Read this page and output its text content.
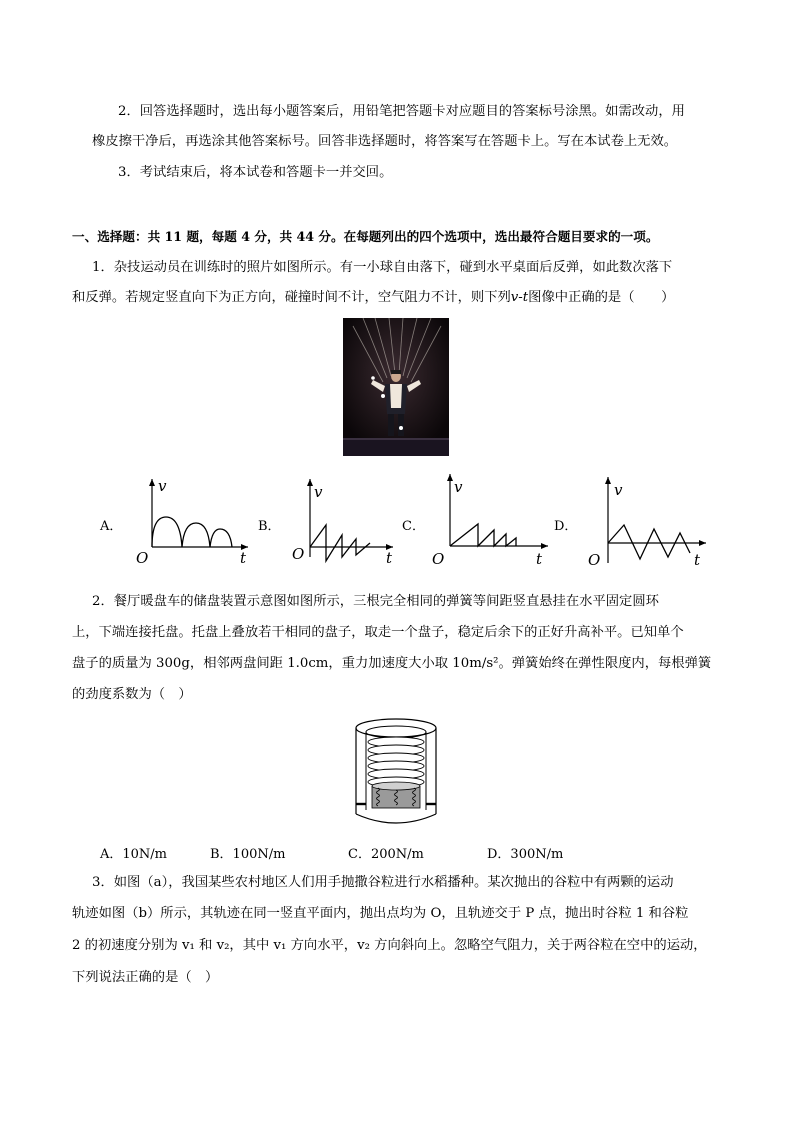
2．回答选择题时，选出每小题答案后，用铅笔把答题卡对应题目的答案标号涂黑。如需改动，用
橡皮擦干净后，再选涂其他答案标号。回答非选择题时，将答案写在答题卡上。写在本试卷上无效。
3．考试结束后，将本试卷和答题卡一并交回。
一、选择题：共 11 题，每题 4 分，共 44 分。在每题列出的四个选项中，选出最符合题目要求的一项。
1．杂技运动员在训练时的照片如图所示。有一小球自由落下，碰到水平桌面后反弹，如此数次落下
和反弹。若规定竖直向下为正方向，碰撞时间不计，空气阻力不计，则下列v-t图像中正确的是（　　）
A．	B．	C．	D．
v
t
O
v
t
O
v
t
O
v
t
O
2．餐厅暖盘车的储盘装置示意图如图所示，三根完全相同的弹簧等间距竖直悬挂在水平固定圆环
上，下端连接托盘。托盘上叠放若干相同的盘子，取走一个盘子，稳定后余下的正好升高补平。已知单个
盘子的质量为 300g，相邻两盘间距 1.0cm，重力加速度大小取 10m/s²。弹簧始终在弹性限度内，每根弹簧
的劲度系数为（　）
A．10N/m	B．100N/m	C．200N/m	D．300N/m
3．如图（a），我国某些农村地区人们用手抛撒谷粒进行水稻播种。某次抛出的谷粒中有两颗的运动
轨迹如图（b）所示，其轨迹在同一竖直平面内，抛出点均为 O，且轨迹交于 P 点，抛出时谷粒 1 和谷粒
2 的初速度分别为 v₁ 和 v₂，其中 v₁ 方向水平，v₂ 方向斜向上。忽略空气阻力，关于两谷粒在空中的运动，
下列说法正确的是（　）
